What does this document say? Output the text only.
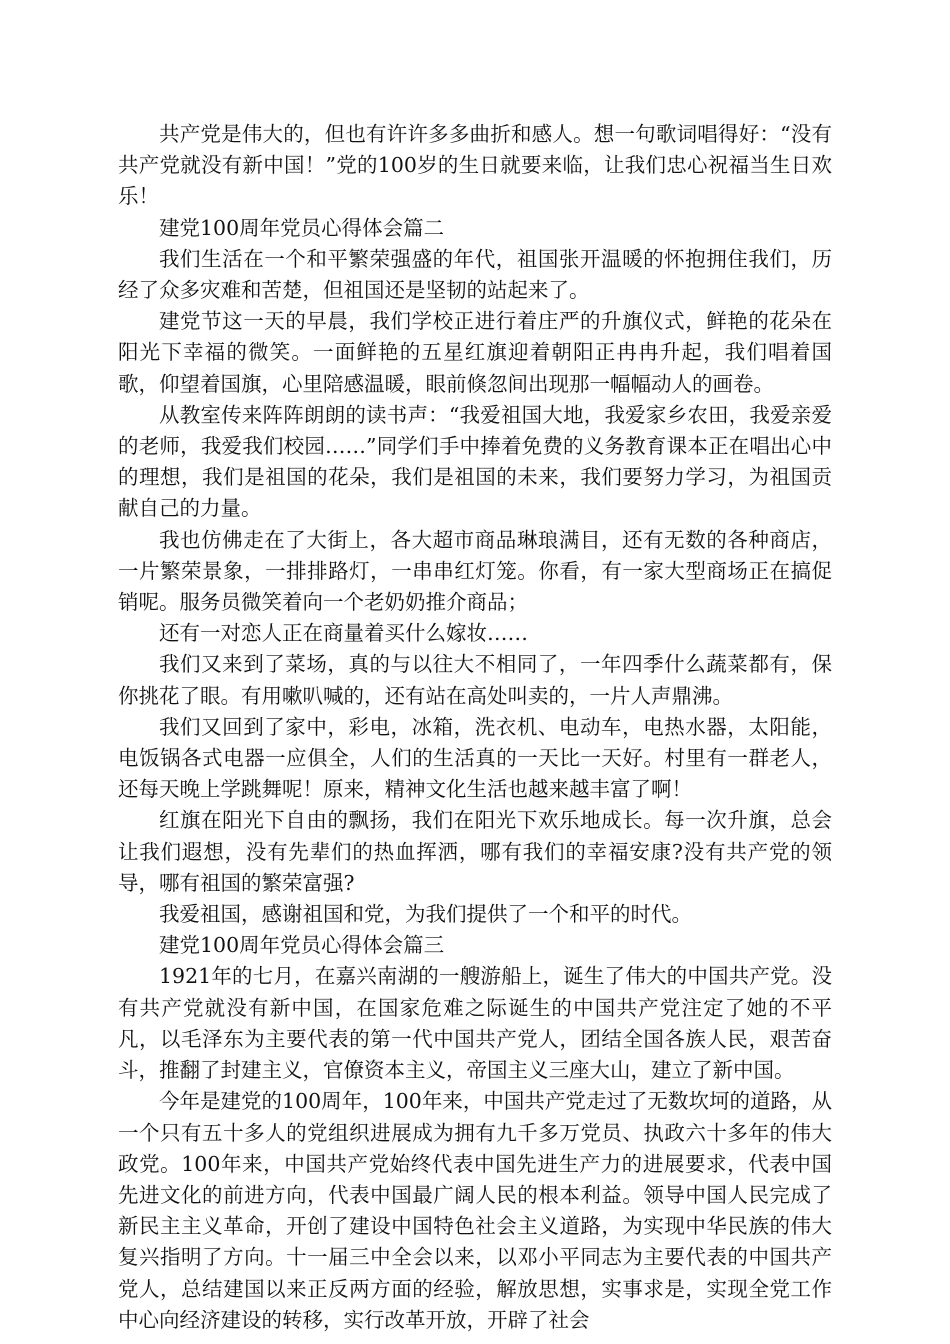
共产党是伟大的，但也有许许多多曲折和感人。想一句歌词唱得好：“没有共产党就没有新中国！”党的100岁的生日就要来临，让我们忠心祝福当生日欢乐！

建党100周年党员心得体会篇二

我们生活在一个和平繁荣强盛的年代，祖国张开温暖的怀抱拥住我们，历经了众多灾难和苦楚，但祖国还是坚韧的站起来了。

建党节这一天的早晨，我们学校正进行着庄严的升旗仪式，鲜艳的花朵在阳光下幸福的微笑。一面鲜艳的五星红旗迎着朝阳正冉冉升起，我们唱着国歌，仰望着国旗，心里陪感温暖，眼前倏忽间出现那一幅幅动人的画卷。

从教室传来阵阵朗朗的读书声：“我爱祖国大地，我爱家乡农田，我爱亲爱的老师，我爱我们校园……”同学们手中捧着免费的义务教育课本正在唱出心中的理想，我们是祖国的花朵，我们是祖国的未来，我们要努力学习，为祖国贡献自己的力量。

我也仿佛走在了大街上，各大超市商品琳琅满目，还有无数的各种商店，一片繁荣景象，一排排路灯，一串串红灯笼。你看，有一家大型商场正在搞促销呢。服务员微笑着向一个老奶奶推介商品；

还有一对恋人正在商量着买什么嫁妆……

我们又来到了菜场，真的与以往大不相同了，一年四季什么蔬菜都有，保你挑花了眼。有用嗽叭喊的，还有站在高处叫卖的，一片人声鼎沸。

我们又回到了家中，彩电，冰箱，洗衣机、电动车，电热水器，太阳能，电饭锅各式电器一应俱全，人们的生活真的一天比一天好。村里有一群老人，还每天晚上学跳舞呢！原来，精神文化生活也越来越丰富了啊！

红旗在阳光下自由的飘扬，我们在阳光下欢乐地成长。每一次升旗，总会让我们遐想，没有先辈们的热血挥洒，哪有我们的幸福安康?没有共产党的领导，哪有祖国的繁荣富强?

我爱祖国，感谢祖国和党，为我们提供了一个和平的时代。

建党100周年党员心得体会篇三

1921年的七月，在嘉兴南湖的一艘游船上，诞生了伟大的中国共产党。没有共产党就没有新中国，在国家危难之际诞生的中国共产党注定了她的不平凡，以毛泽东为主要代表的第一代中国共产党人，团结全国各族人民，艰苦奋斗，推翻了封建主义，官僚资本主义，帝国主义三座大山，建立了新中国。

今年是建党的100周年，100年来，中国共产党走过了无数坎坷的道路，从一个只有五十多人的党组织进展成为拥有九千多万党员、执政六十多年的伟大政党。100年来，中国共产党始终代表中国先进生产力的进展要求，代表中国先进文化的前进方向，代表中国最广阔人民的根本利益。领导中国人民完成了新民主主义革命，开创了建设中国特色社会主义道路，为实现中华民族的伟大复兴指明了方向。十一届三中全会以来，以邓小平同志为主要代表的中国共产党人，总结建国以来正反两方面的经验，解放思想，实事求是，实现全党工作中心向经济建设的转移，实行改革开放，开辟了社会
